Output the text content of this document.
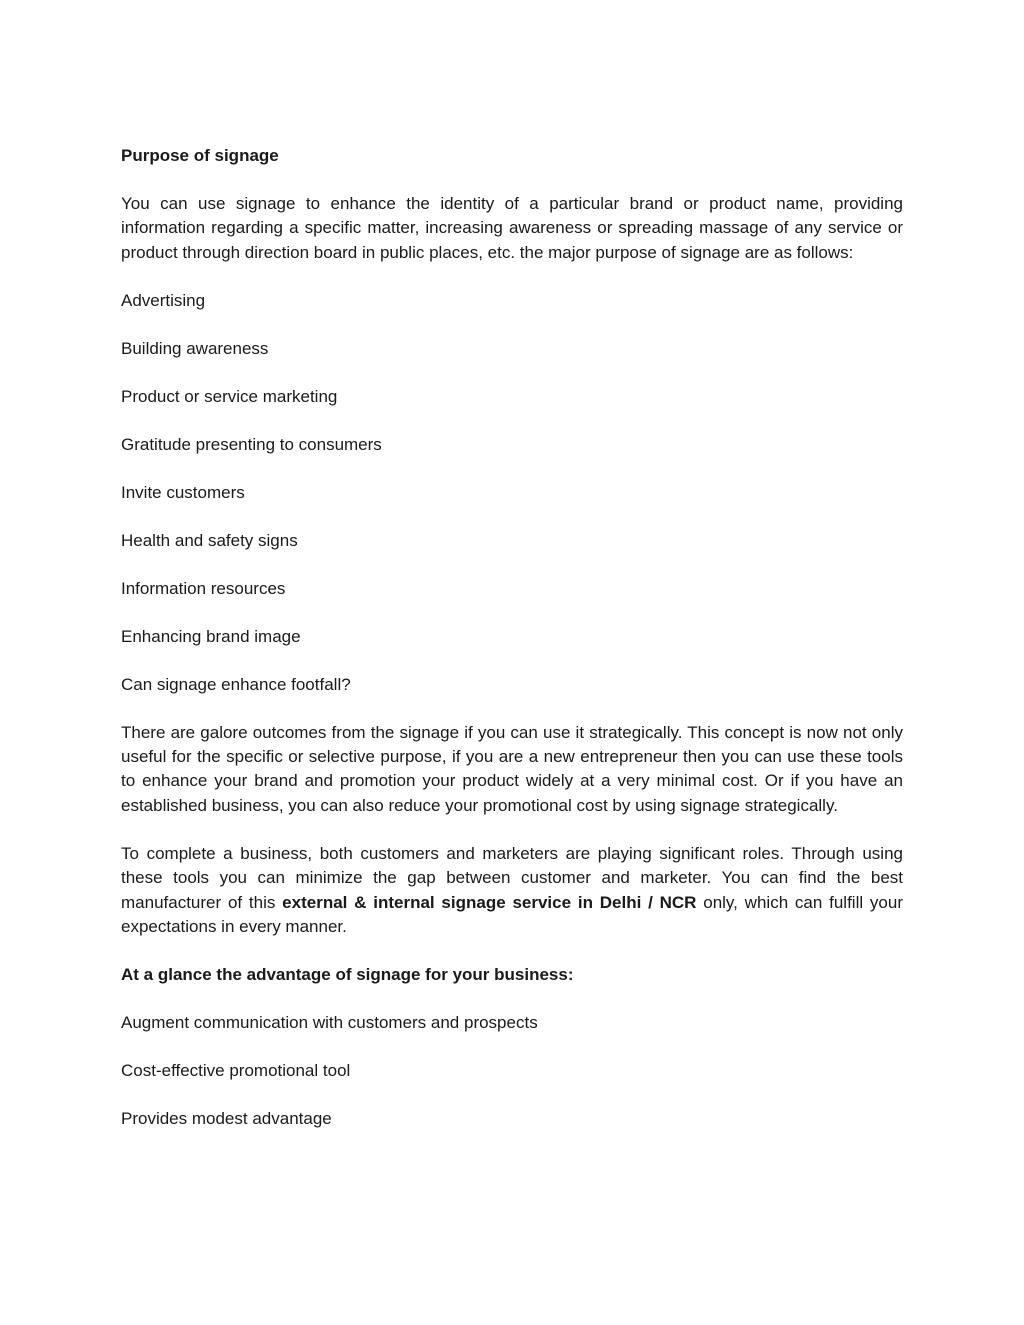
Purpose of signage

You can use signage to enhance the identity of a particular brand or product name, providing information regarding a specific matter, increasing awareness or spreading massage of any service or product through direction board in public places, etc. the major purpose of signage are as follows:

Advertising
Building awareness
Product or service marketing
Gratitude presenting to consumers
Invite customers
Health and safety signs
Information resources
Enhancing brand image
Can signage enhance footfall?

There are galore outcomes from the signage if you can use it strategically. This concept is now not only useful for the specific or selective purpose, if you are a new entrepreneur then you can use these tools to enhance your brand and promotion your product widely at a very minimal cost. Or if you have an established business, you can also reduce your promotional cost by using signage strategically.

To complete a business, both customers and marketers are playing significant roles. Through using these tools you can minimize the gap between customer and marketer. You can find the best manufacturer of this external & internal signage service in Delhi / NCR only, which can fulfill your expectations in every manner.

At a glance the advantage of signage for your business:
Augment communication with customers and prospects
Cost-effective promotional tool
Provides modest advantage
